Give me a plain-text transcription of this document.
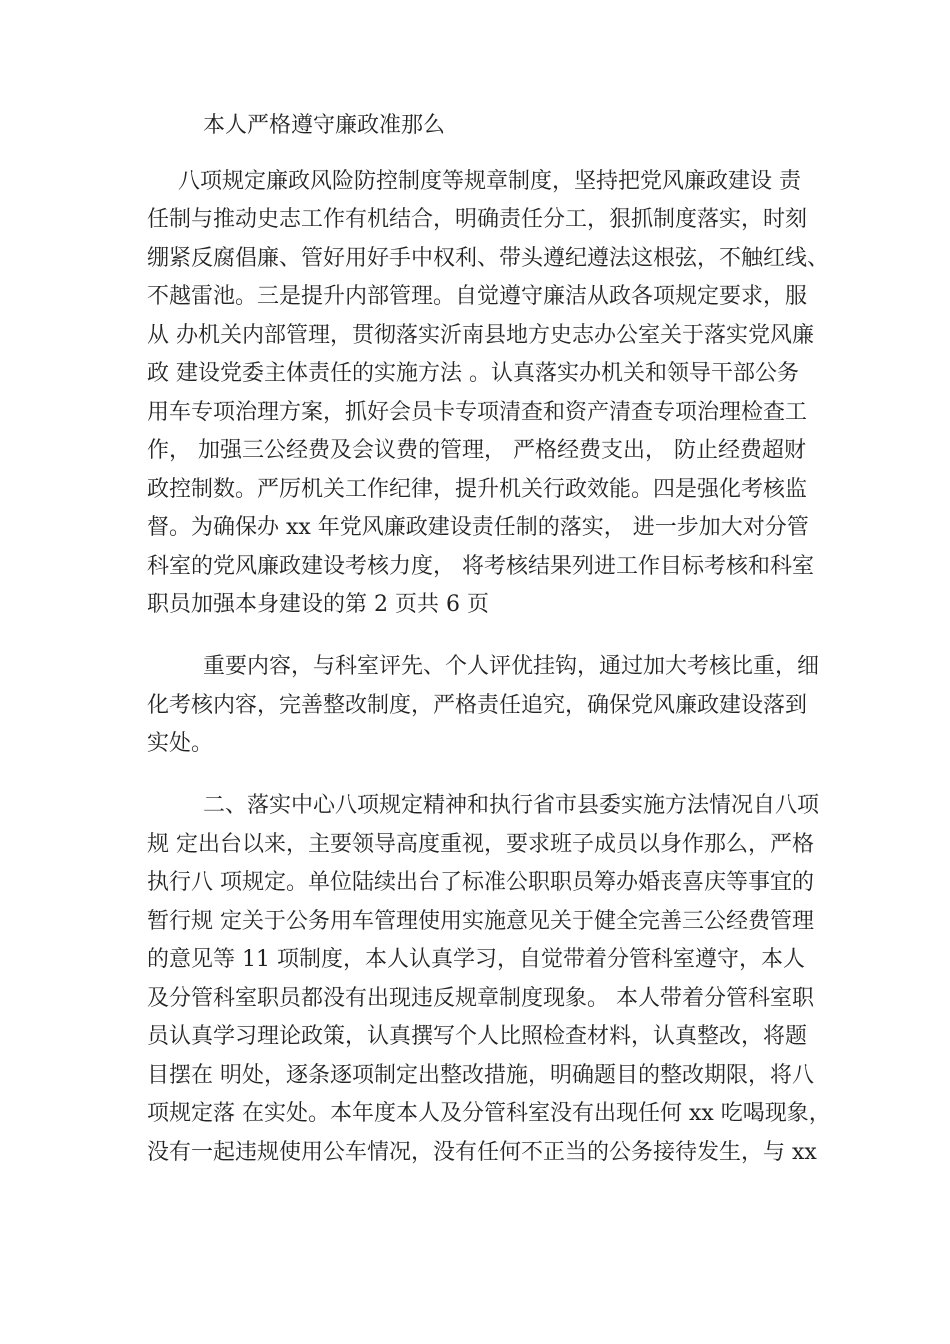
本人严格遵守廉政准那么
八项规定廉政风险防控制度等规章制度，坚持把党风廉政建设 责
任制与推动史志工作有机结合，明确责任分工，狠抓制度落实，时刻
绷紧反腐倡廉、管好用好手中权利、带头遵纪遵法这根弦，不触红线、
不越雷池。三是提升内部管理。自觉遵守廉洁从政各项规定要求，服
从 办机关内部管理，贯彻落实沂南县地方史志办公室关于落实党风廉
政 建设党委主体责任的实施方法 。认真落实办机关和领导干部公务
用车专项治理方案，抓好会员卡专项清查和资产清查专项治理检查工
作， 加强三公经费及会议费的管理， 严格经费支出， 防止经费超财
政控制数。严厉机关工作纪律，提升机关行政效能。四是强化考核监
督。为确保办 xx 年党风廉政建设责任制的落实， 进一步加大对分管
科室的党风廉政建设考核力度， 将考核结果列进工作目标考核和科室
职员加强本身建设的第 2 页共 6 页
重要内容，与科室评先、个人评优挂钩，通过加大考核比重，细
化考核内容，完善整改制度，严格责任追究，确保党风廉政建设落到
实处。
二、落实中心八项规定精神和执行省市县委实施方法情况自八项
规 定出台以来，主要领导高度重视，要求班子成员以身作那么，严格
执行八 项规定。单位陆续出台了标准公职职员筹办婚丧喜庆等事宜的
暂行规 定关于公务用车管理使用实施意见关于健全完善三公经费管理
的意见等 11 项制度，本人认真学习，自觉带着分管科室遵守，本人
及分管科室职员都没有出现违反规章制度现象。 本人带着分管科室职
员认真学习理论政策，认真撰写个人比照检查材料，认真整改，将题
目摆在 明处，逐条逐项制定出整改措施，明确题目的整改期限，将八
项规定落 在实处。本年度本人及分管科室没有出现任何 xx 吃喝现象，
没有一起违规使用公车情况，没有任何不正当的公务接待发生，与 xx
